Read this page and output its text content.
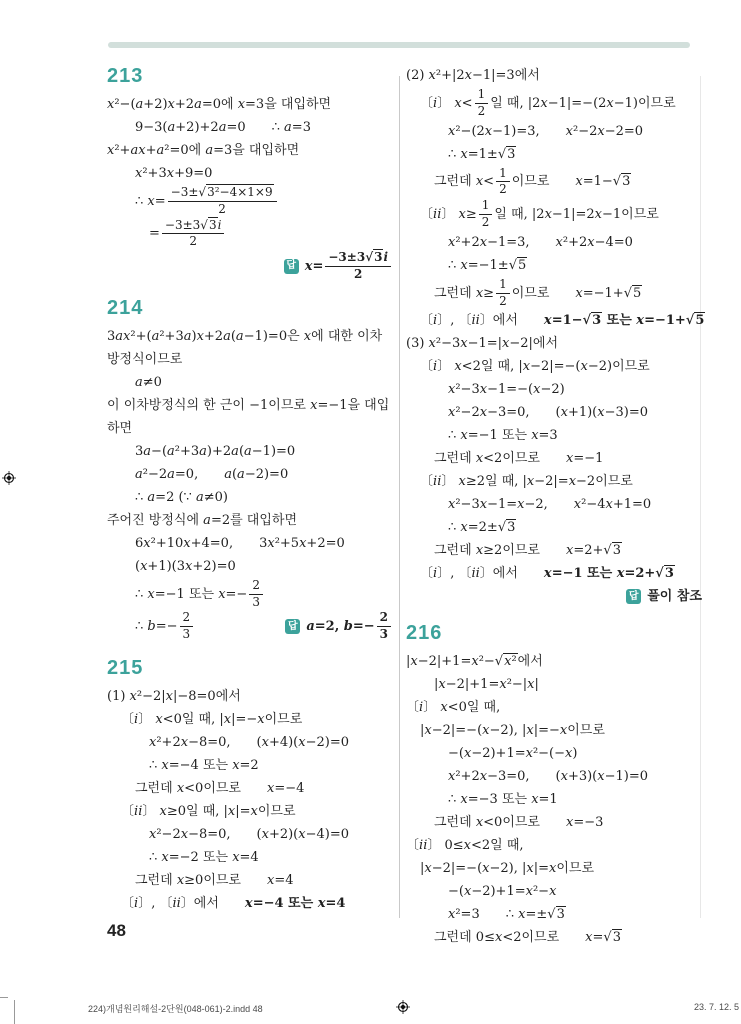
213
x²−(a+2)x+2a=0에 x=3을 대입하면
9−3(a+2)+2a=0  ∴ a=3
x²+ax+a²=0에 a=3을 대입하면
x²+3x+9=0
∴ $x= \frac{\text{−3±√3²−4×1×9}}{2}$
= $\frac{-3\pm 3√3i}{2}$
답 $x= \frac{-3\pm 3√3i}{2}$
214
3ax²+(a²+3a)x+2a(a−1)=0은 x에 대한 이차
방정식이므로
a≠0
이 이차방정식의 한 근이 −1이므로 x=−1을 대입
하면
3a−(a²+3a)+2a(a−1)=0
a²−2a=0,  a(a−2)=0
∴ a=2 (∵ a≠0)
주어진 방정식에 a=2를 대입하면
6x²+10x+4=0,  3x²+5x+2=0
(x+1)(3x+2)=0
∴ x=−1 또는 $x=- \frac{2}{3}$
∴ $b=- \frac{2}{3}$	답 a=2, $b=- \frac{2}{3}$
215
(1) x²−2|x|−8=0에서
〔i〕 x<0일 때, |x|=−x이므로
x²+2x−8=0,  (x+4)(x−2)=0
∴ x=−4 또는 x=2
그런데 x<0이므로  x=−4
〔ii〕 x≥0일 때, |x|=x이므로
x²−2x−8=0,  (x+2)(x−4)=0
∴ x=−2 또는 x=4
그런데 x≥0이므로  x=4
〔i〕, 〔ii〕에서   x=−4 또는 x=4
(2) x²+|2x−1|=3에서
〔i〕 $x< \frac{1}{2}$ 일 때, |2x−1|=−(2x−1)이므로
x²−(2x−1)=3,  x²−2x−2=0
∴ x=1±√3
그런데 $x< \frac{1}{2}$ 이므로  x=1−√3
〔ii〕 $x\ge \frac{1}{2}$ 일 때, |2x−1|=2x−1이므로
x²+2x−1=3,  x²+2x−4=0
∴ x=−1±√5
그런데 $x\ge \frac{1}{2}$ 이므로  x=−1+√5
〔i〕, 〔ii〕에서   x=1−√3 또는 x=−1+√5
(3) x²−3x−1=|x−2|에서
〔i〕 x<2일 때, |x−2|=−(x−2)이므로
x²−3x−1=−(x−2)
x²−2x−3=0,  (x+1)(x−3)=0
∴ x=−1 또는 x=3
그런데 x<2이므로  x=−1
〔ii〕 x≥2일 때, |x−2|=x−2이므로
x²−3x−1=x−2,  x²−4x+1=0
∴ x=2±√3
그런데 x≥2이므로  x=2+√3
〔i〕, 〔ii〕에서   x=−1 또는 x=2+√3
답 풀이 참조
216
|x−2|+1=x²−√x²에서
|x−2|+1=x²−|x|
〔i〕 x<0일 때,
|x−2|=−(x−2), |x|=−x이므로
−(x−2)+1=x²−(−x)
x²+2x−3=0,  (x+3)(x−1)=0
∴ x=−3 또는 x=1
그런데 x<0이므로  x=−3
〔ii〕 0≤x<2일 때,
|x−2|=−(x−2), |x|=x이므로
−(x−2)+1=x²−x
x²=3  ∴ x=±√3
그런데 0≤x<2이므로  x=√3
48
224)개념원리해설-2단원(048-061)-2.indd 48	23. 7. 12. 5
